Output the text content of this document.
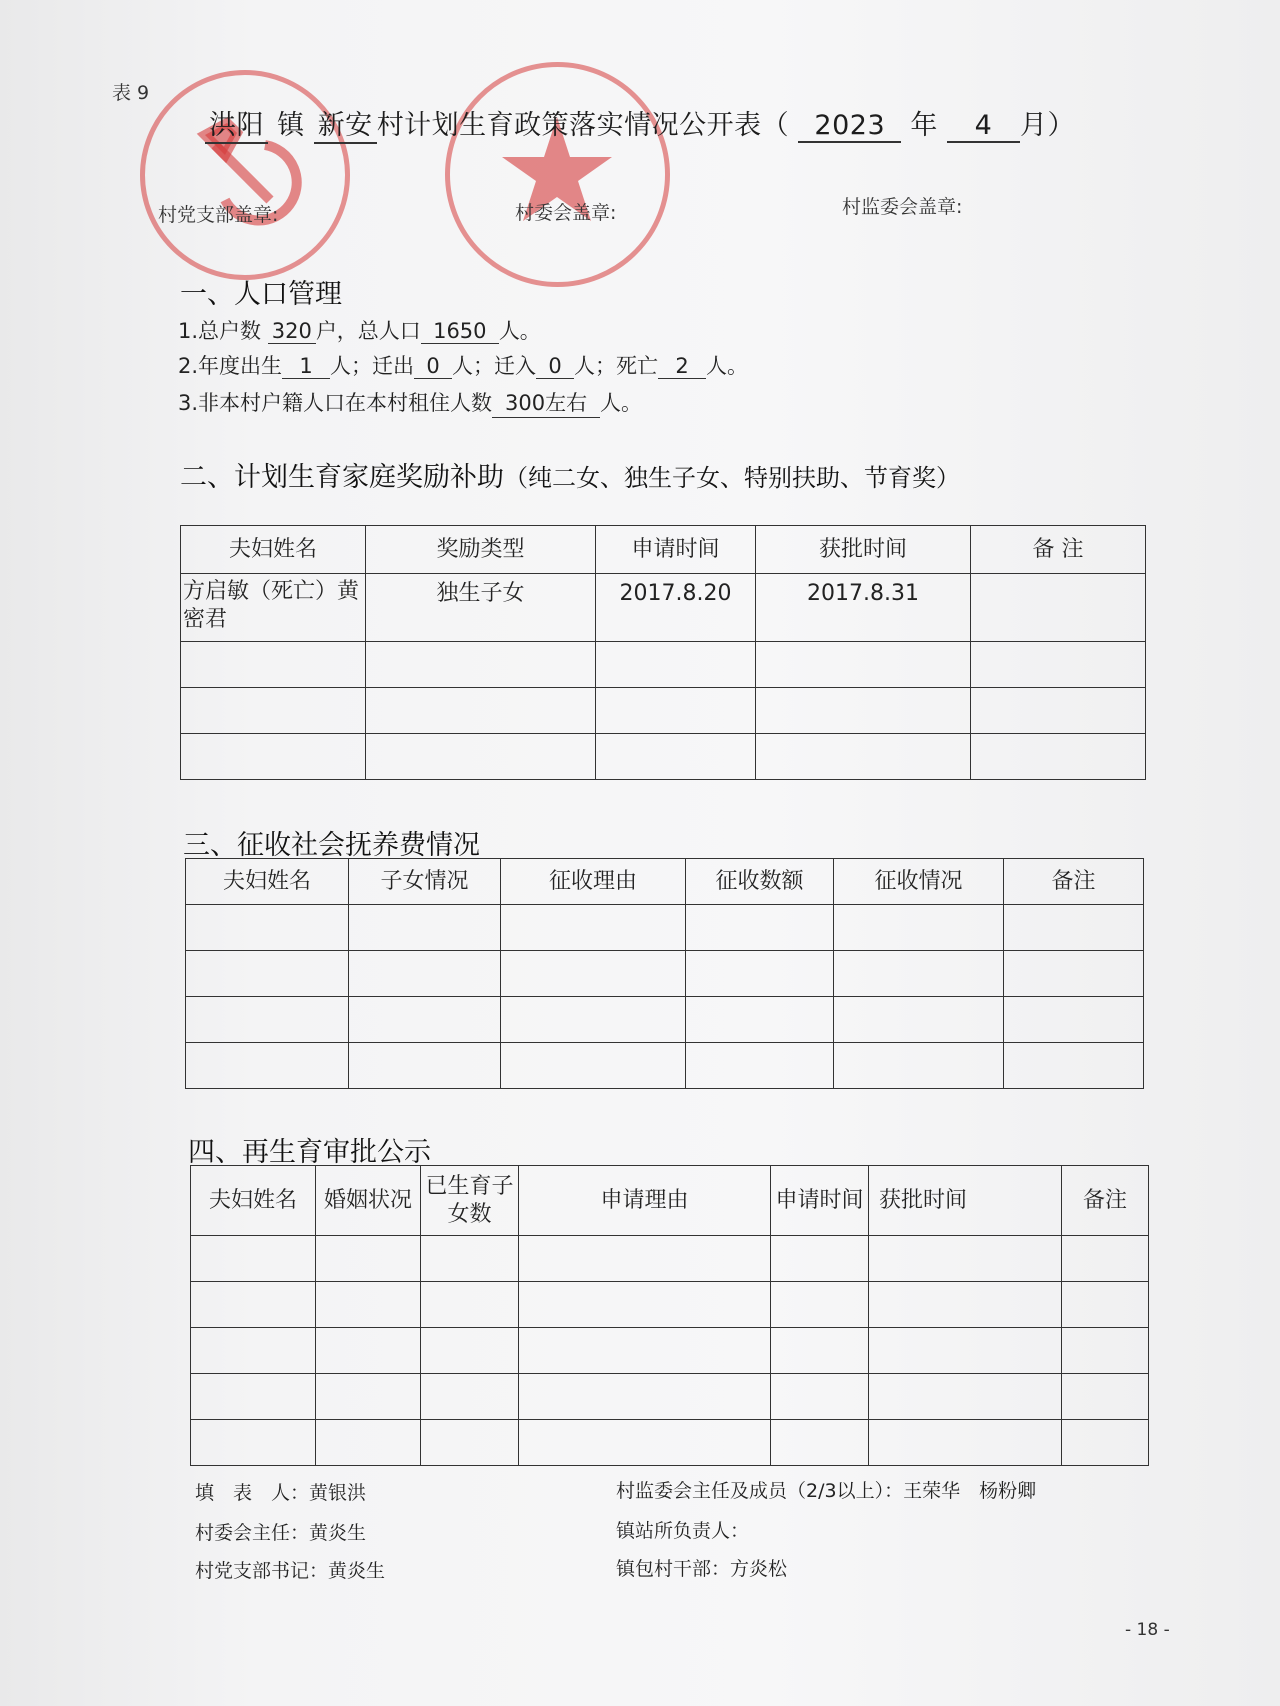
表 9
洪阳 镇 新安 村计划生育政策落实情况公开表（ 2023 年 4 月）
村党支部盖章:	村委会盖章:	村监委会盖章:
一、人口管理
1.总户数 320 户，总人口 1650 人。
2.年度出生 1 人；迁出 0 人；迁入 0 人；死亡 2 人。
3.非本村户籍人口在本村租住人数 300左右 人。
二、计划生育家庭奖励补助（纯二女、独生子女、特别扶助、节育奖）
夫妇姓名	奖励类型	申请时间	获批时间	备 注
方启敏（死亡）黄密君	独生子女	2017.8.20	2017.8.31	

三、征收社会抚养费情况
夫妇姓名	子女情况	征收理由	征收数额	征收情况	备注

四、再生育审批公示
夫妇姓名	婚姻状况	已生育子女数	申请理由	申请时间	获批时间	备注

填　表　人：黄银洪
村委会主任：黄炎生
村党支部书记：黄炎生
村监委会主任及成员（2/3以上）：王荣华　杨粉卿
镇站所负责人：
镇包村干部：方炎松
- 18 -
